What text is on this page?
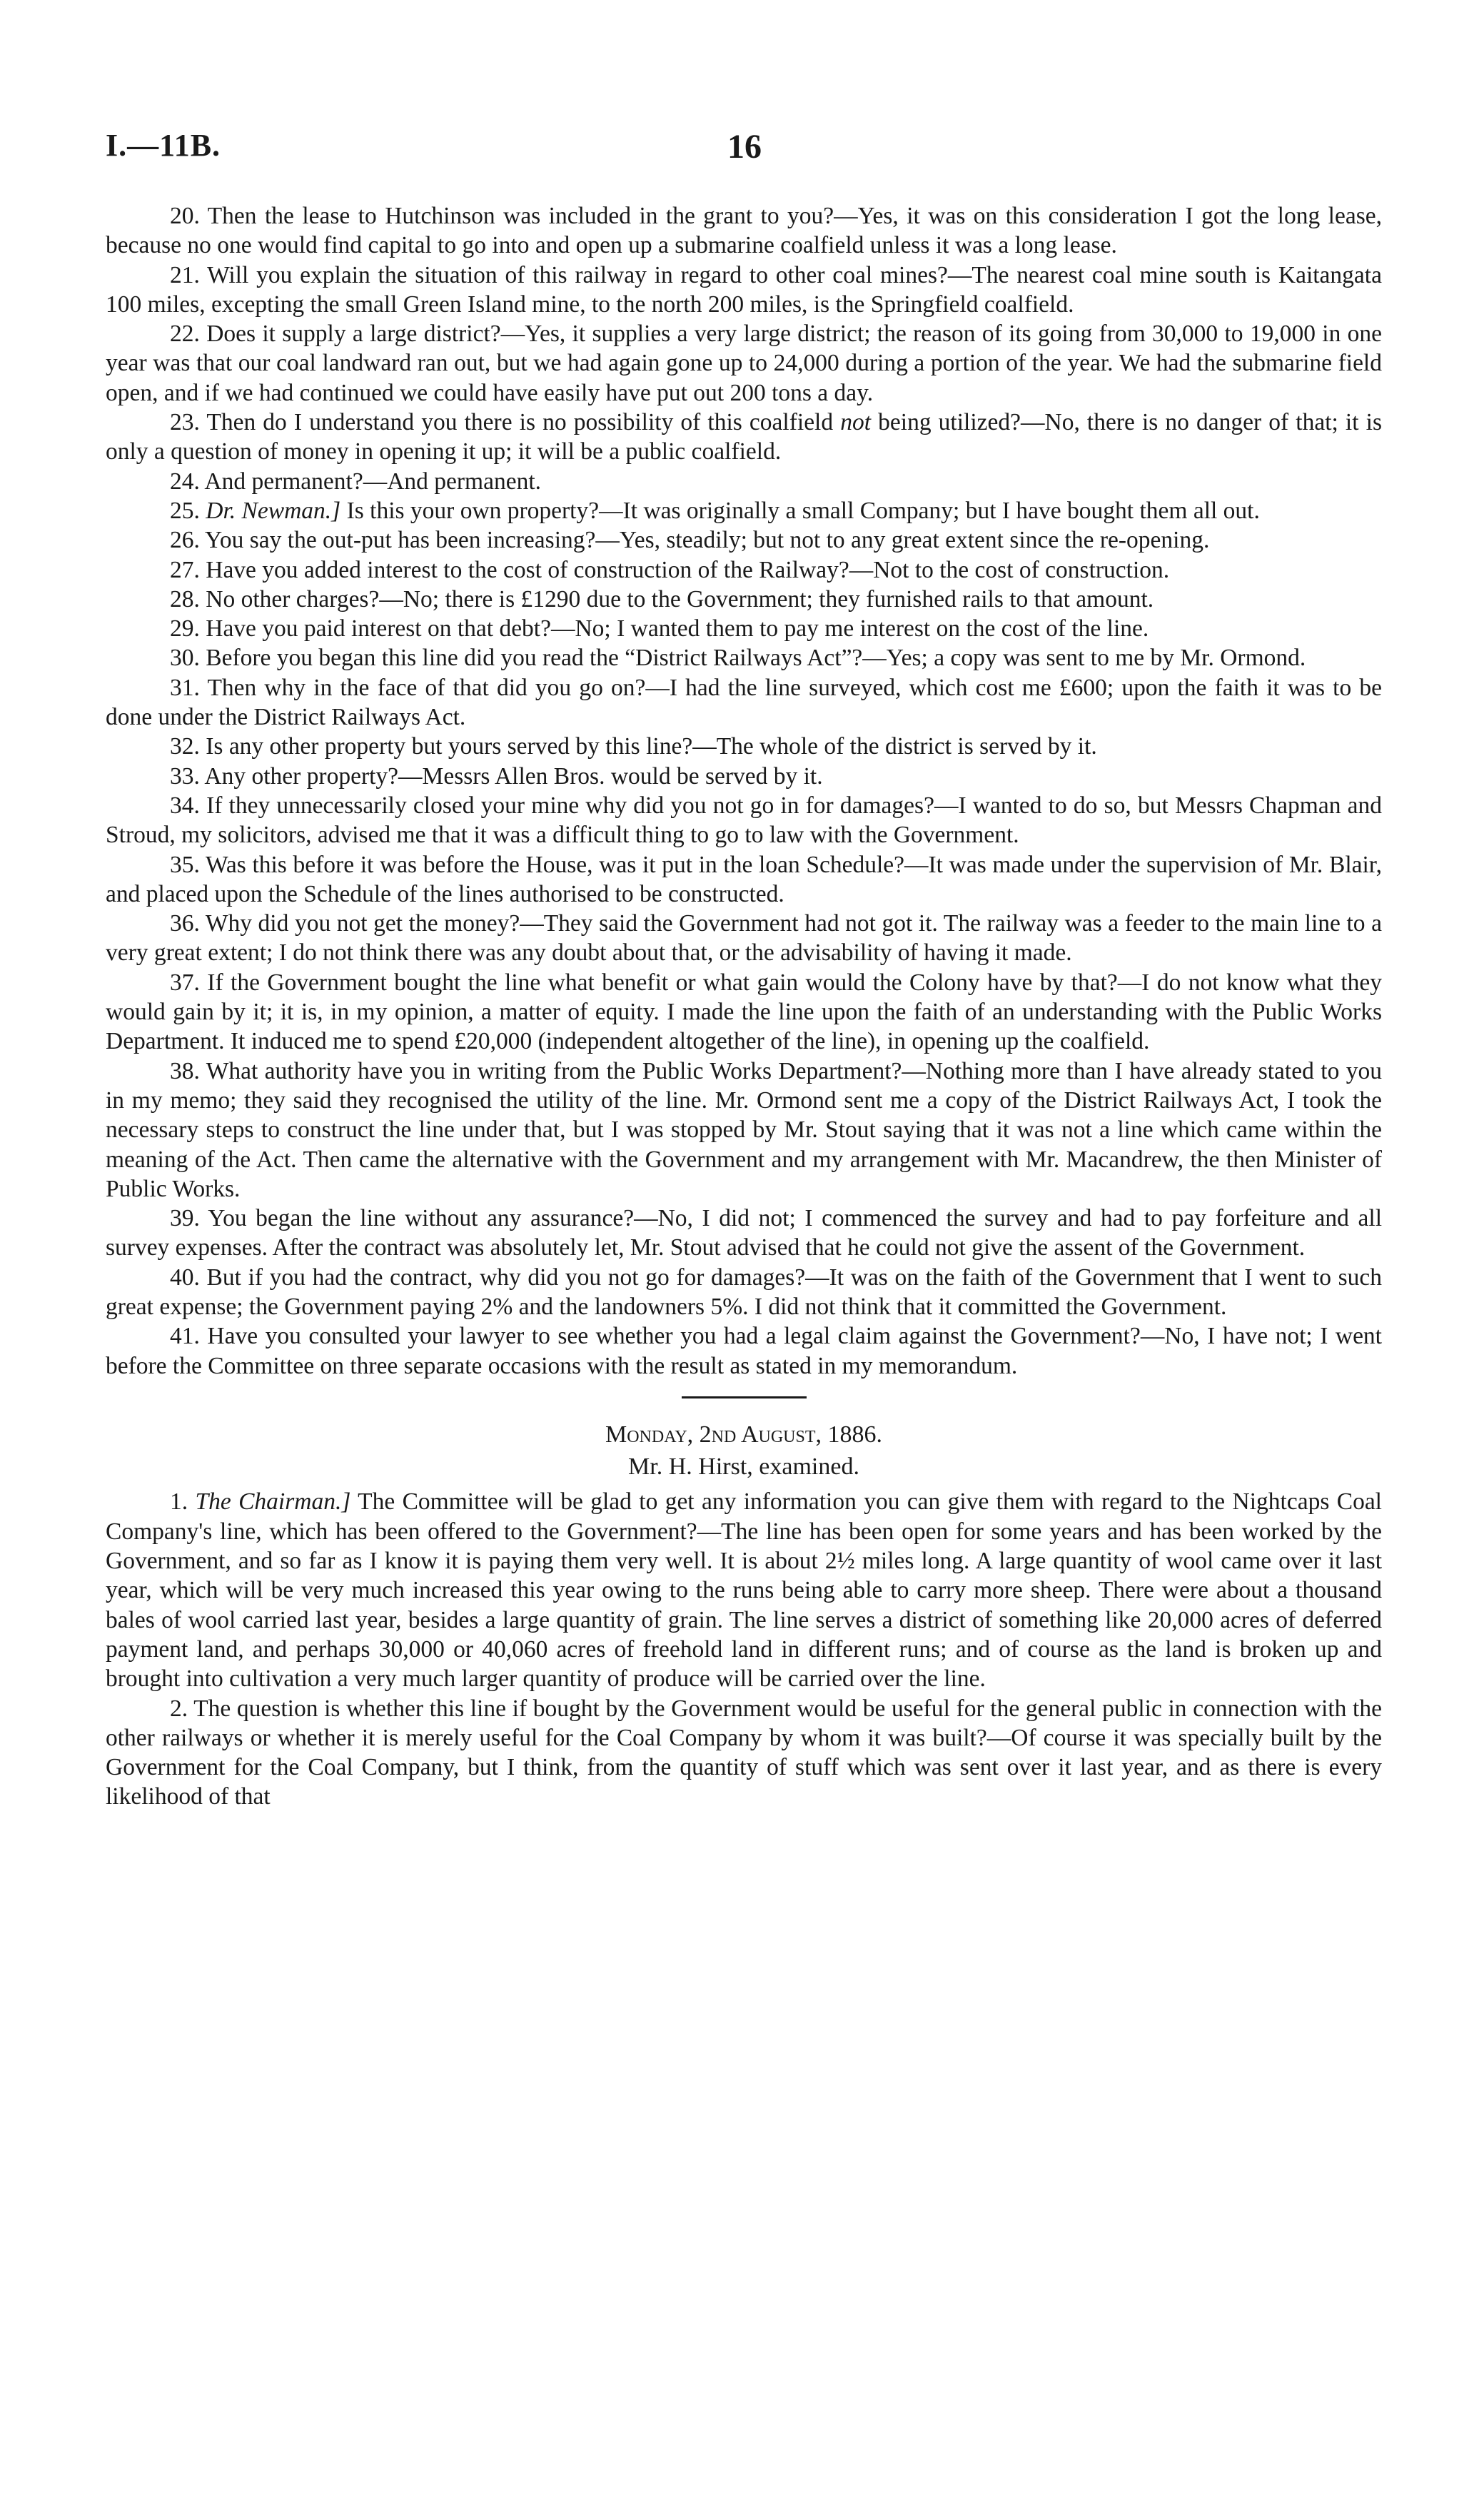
I.—11B.	16

20. Then the lease to Hutchinson was included in the grant to you?—Yes, it was on this consideration I got the long lease, because no one would find capital to go into and open up a submarine coalfield unless it was a long lease.

21. Will you explain the situation of this railway in regard to other coal mines?—The nearest coal mine south is Kaitangata 100 miles, excepting the small Green Island mine, to the north 200 miles, is the Springfield coalfield.

22. Does it supply a large district?—Yes, it supplies a very large district; the reason of its going from 30,000 to 19,000 in one year was that our coal landward ran out, but we had again gone up to 24,000 during a portion of the year. We had the submarine field open, and if we had continued we could have easily have put out 200 tons a day.

23. Then do I understand you there is no possibility of this coalfield not being utilized?—No, there is no danger of that; it is only a question of money in opening it up; it will be a public coalfield.

24. And permanent?—And permanent.

25. Dr. Newman.] Is this your own property?—It was originally a small Company; but I have bought them all out.

26. You say the out-put has been increasing?—Yes, steadily; but not to any great extent since the re-opening.

27. Have you added interest to the cost of construction of the Railway?—Not to the cost of construction.

28. No other charges?—No; there is £1290 due to the Government; they furnished rails to that amount.

29. Have you paid interest on that debt?—No; I wanted them to pay me interest on the cost of the line.

30. Before you began this line did you read the “District Railways Act”?—Yes; a copy was sent to me by Mr. Ormond.

31. Then why in the face of that did you go on?—I had the line surveyed, which cost me £600; upon the faith it was to be done under the District Railways Act.

32. Is any other property but yours served by this line?—The whole of the district is served by it.

33. Any other property?—Messrs Allen Bros. would be served by it.

34. If they unnecessarily closed your mine why did you not go in for damages?—I wanted to do so, but Messrs Chapman and Stroud, my solicitors, advised me that it was a difficult thing to go to law with the Government.

35. Was this before it was before the House, was it put in the loan Schedule?—It was made under the supervision of Mr. Blair, and placed upon the Schedule of the lines authorised to be constructed.

36. Why did you not get the money?—They said the Government had not got it. The railway was a feeder to the main line to a very great extent; I do not think there was any doubt about that, or the advisability of having it made.

37. If the Government bought the line what benefit or what gain would the Colony have by that?—I do not know what they would gain by it; it is, in my opinion, a matter of equity. I made the line upon the faith of an understanding with the Public Works Department. It induced me to spend £20,000 (independent altogether of the line), in opening up the coalfield.

38. What authority have you in writing from the Public Works Department?—Nothing more than I have already stated to you in my memo; they said they recognised the utility of the line. Mr. Ormond sent me a copy of the District Railways Act, I took the necessary steps to construct the line under that, but I was stopped by Mr. Stout saying that it was not a line which came within the meaning of the Act. Then came the alternative with the Government and my arrangement with Mr. Macandrew, the then Minister of Public Works.

39. You began the line without any assurance?—No, I did not; I commenced the survey and had to pay forfeiture and all survey expenses. After the contract was absolutely let, Mr. Stout advised that he could not give the assent of the Government.

40. But if you had the contract, why did you not go for damages?—It was on the faith of the Government that I went to such great expense; the Government paying 2% and the landowners 5%. I did not think that it committed the Government.

41. Have you consulted your lawyer to see whether you had a legal claim against the Government?—No, I have not; I went before the Committee on three separate occasions with the result as stated in my memorandum.

Monday, 2nd August, 1886.

Mr. H. Hirst, examined.

1. The Chairman.] The Committee will be glad to get any information you can give them with regard to the Nightcaps Coal Company's line, which has been offered to the Government?—The line has been open for some years and has been worked by the Government, and so far as I know it is paying them very well. It is about 2½ miles long. A large quantity of wool came over it last year, which will be very much increased this year owing to the runs being able to carry more sheep. There were about a thousand bales of wool carried last year, besides a large quantity of grain. The line serves a district of something like 20,000 acres of deferred payment land, and perhaps 30,000 or 40,060 acres of freehold land in different runs; and of course as the land is broken up and brought into cultivation a very much larger quantity of produce will be carried over the line.

2. The question is whether this line if bought by the Government would be useful for the general public in connection with the other railways or whether it is merely useful for the Coal Company by whom it was built?—Of course it was specially built by the Government for the Coal Company, but I think, from the quantity of stuff which was sent over it last year, and as there is every likelihood of that
